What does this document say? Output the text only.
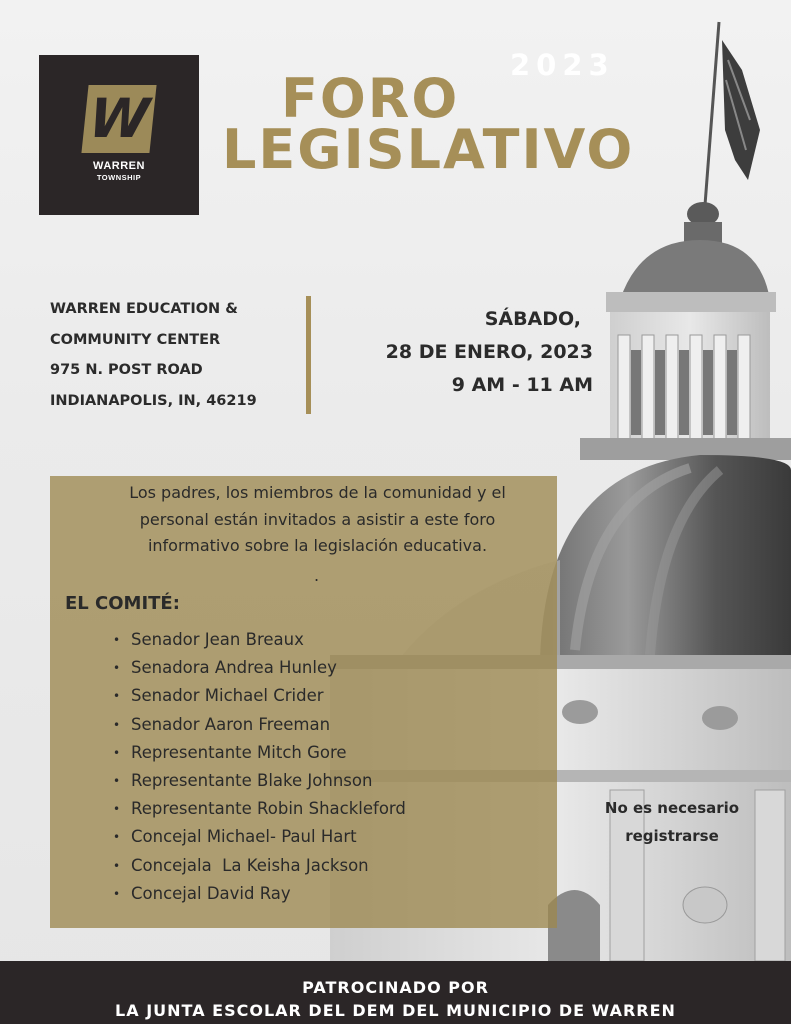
W
WARREN
TOWNSHIP
2023
FORO
LEGISLATIVO
WARREN EDUCATION &
COMMUNITY CENTER
975 N. POST ROAD
INDIANAPOLIS, IN, 46219
SÁBADO,
28 DE ENERO, 2023
9 AM - 11 AM
Los padres, los miembros de la comunidad y el
personal están invitados a asistir a este foro
informativo sobre la legislación educativa.
.
EL COMITÉ:
• Senador Jean Breaux
• Senadora Andrea Hunley
• Senador Michael Crider
• Senador Aaron Freeman
• Representante Mitch Gore
• Representante Blake Johnson
• Representante Robin Shackleford
• Concejal Michael- Paul Hart
• Concejala  La Keisha Jackson
• Concejal David Ray
No es necesario
registrarse
PATROCINADO POR
LA JUNTA ESCOLAR DEL DEM DEL MUNICIPIO DE WARREN
